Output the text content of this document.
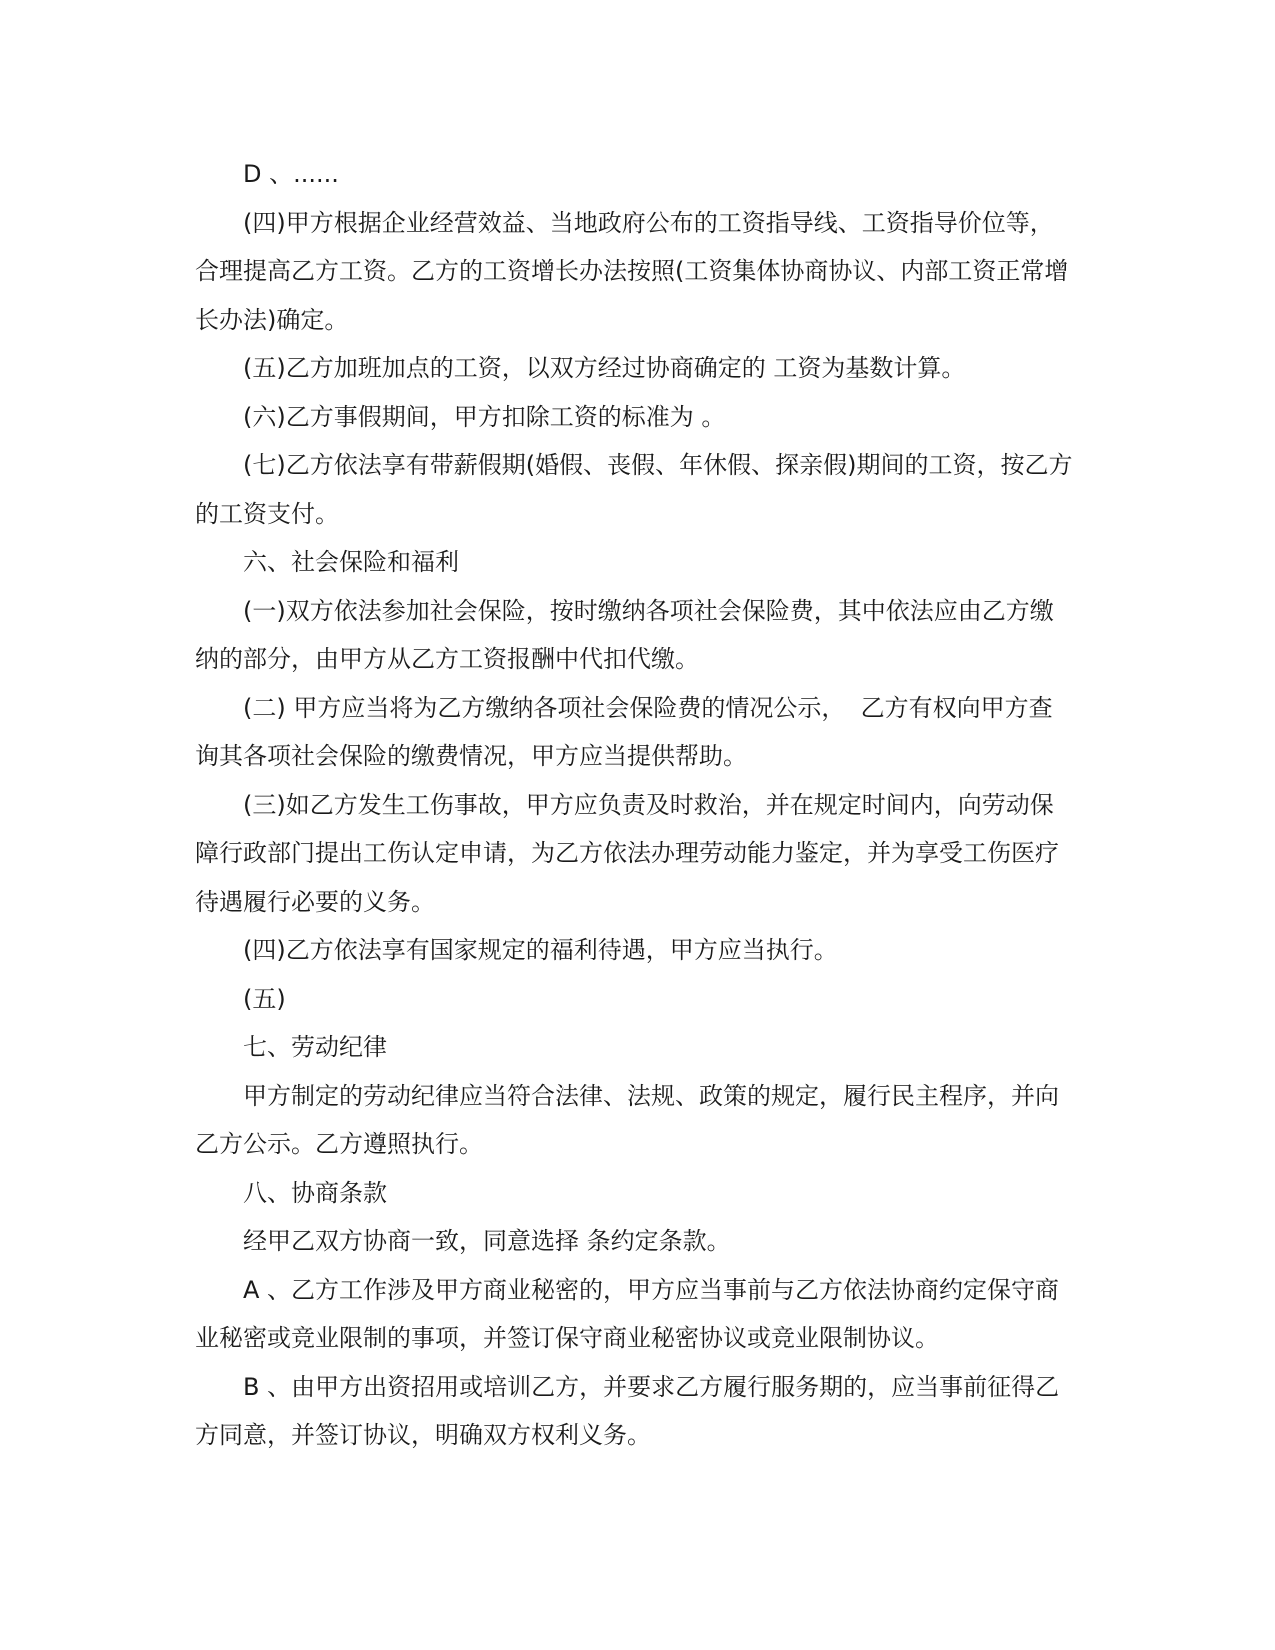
D 、......

(四)甲方根据企业经营效益、当地政府公布的工资指导线、工资指导价位等，合理提高乙方工资。乙方的工资增长办法按照(工资集体协商协议、内部工资正常增长办法)确定。

(五)乙方加班加点的工资，以双方经过协商确定的 工资为基数计算。

(六)乙方事假期间，甲方扣除工资的标准为 。

(七)乙方依法享有带薪假期(婚假、丧假、年休假、探亲假)期间的工资，按乙方的工资支付。

六、社会保险和福利

(一)双方依法参加社会保险，按时缴纳各项社会保险费，其中依法应由乙方缴纳的部分，由甲方从乙方工资报酬中代扣代缴。

(二) 甲方应当将为乙方缴纳各项社会保险费的情况公示，  乙方有权向甲方查询其各项社会保险的缴费情况，甲方应当提供帮助。

(三)如乙方发生工伤事故，甲方应负责及时救治，并在规定时间内，向劳动保障行政部门提出工伤认定申请，为乙方依法办理劳动能力鉴定，并为享受工伤医疗待遇履行必要的义务。

(四)乙方依法享有国家规定的福利待遇，甲方应当执行。

(五)

七、劳动纪律

甲方制定的劳动纪律应当符合法律、法规、政策的规定，履行民主程序，并向乙方公示。乙方遵照执行。

八、协商条款

经甲乙双方协商一致，同意选择 条约定条款。

A 、乙方工作涉及甲方商业秘密的，甲方应当事前与乙方依法协商约定保守商业秘密或竞业限制的事项，并签订保守商业秘密协议或竞业限制协议。

B 、由甲方出资招用或培训乙方，并要求乙方履行服务期的，应当事前征得乙方同意，并签订协议，明确双方权利义务。
